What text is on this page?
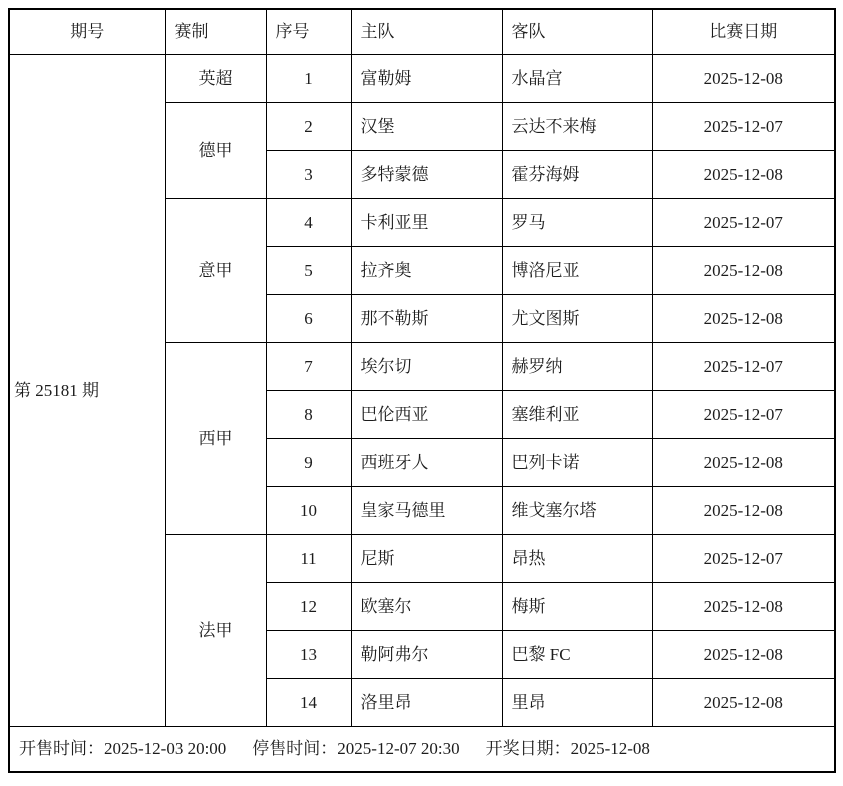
期号	赛制	序号	主队	客队	比赛日期
第 25181 期	英超	1	富勒姆	水晶宫	2025-12-08
	德甲	2	汉堡	云达不来梅	2025-12-07
		3	多特蒙德	霍芬海姆	2025-12-08
	意甲	4	卡利亚里	罗马	2025-12-07
		5	拉齐奥	博洛尼亚	2025-12-08
		6	那不勒斯	尤文图斯	2025-12-08
	西甲	7	埃尔切	赫罗纳	2025-12-07
		8	巴伦西亚	塞维利亚	2025-12-07
		9	西班牙人	巴列卡诺	2025-12-08
		10	皇家马德里	维戈塞尔塔	2025-12-08
	法甲	11	尼斯	昂热	2025-12-07
		12	欧塞尔	梅斯	2025-12-08
		13	勒阿弗尔	巴黎 FC	2025-12-08
		14	洛里昂	里昂	2025-12-08
开售时间：2025-12-03 20:00 停售时间：2025-12-07 20:30 开奖日期：2025-12-08					
